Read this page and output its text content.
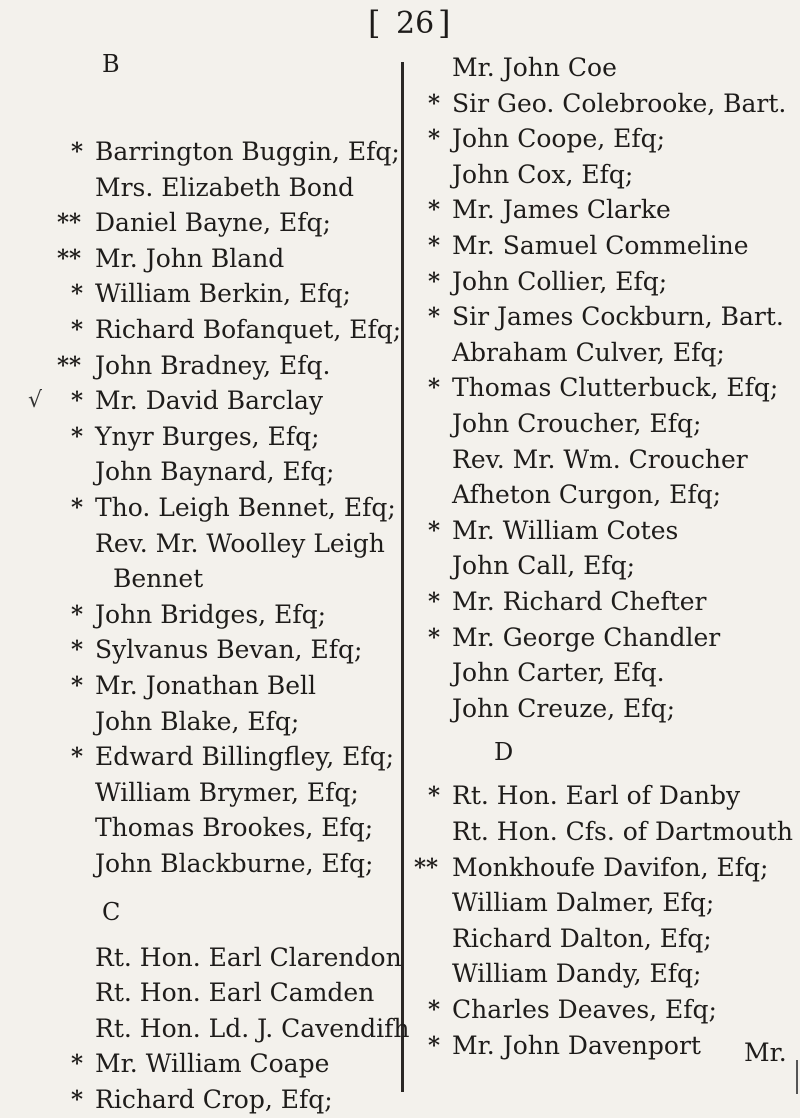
[ 26 ]
B
* Barrington Buggin, Efq;
Mrs. Elizabeth Bond
** Daniel Bayne, Efq;
** Mr. John Bland
* William Berkin, Efq;
* Richard Bofanquet, Efq;
** John Bradney, Efq.
*
√ Mr. David Barclay
* Ynyr Burges, Efq;
John Baynard, Efq;
* Tho. Leigh Bennet, Efq;
Rev. Mr. Woolley Leigh
Bennet
* John Bridges, Efq;
* Sylvanus Bevan, Efq;
* Mr. Jonathan Bell
John Blake, Efq;
* Edward Billingfley, Efq;
William Brymer, Efq;
Thomas Brookes, Efq;
John Blackburne, Efq;
C
Rt. Hon. Earl Clarendon
Rt. Hon. Earl Camden
Rt. Hon. Ld. J. Cavendifh
* Mr. William Coape
* Richard Crop, Efq;
Mr. John Coe
* Sir Geo. Colebrooke, Bart.
* John Coope, Efq;
John Cox, Efq;
* Mr. James Clarke
* Mr. Samuel Commeline
* John Collier, Efq;
* Sir James Cockburn, Bart.
Abraham Culver, Efq;
* Thomas Clutterbuck, Efq;
John Croucher, Efq;
Rev. Mr. Wm. Croucher
Afheton Curgon, Efq;
* Mr. William Cotes
John Call, Efq;
* Mr. Richard Chefter
* Mr. George Chandler
John Carter, Efq.
John Creuze, Efq;
D
* Rt. Hon. Earl of Danby
Rt. Hon. Cfs. of Dartmouth
** Monkhoufe Davifon, Efq;
William Dalmer, Efq;
Richard Dalton, Efq;
William Dandy, Efq;
* Charles Deaves, Efq;
* Mr. John Davenport Mr.
